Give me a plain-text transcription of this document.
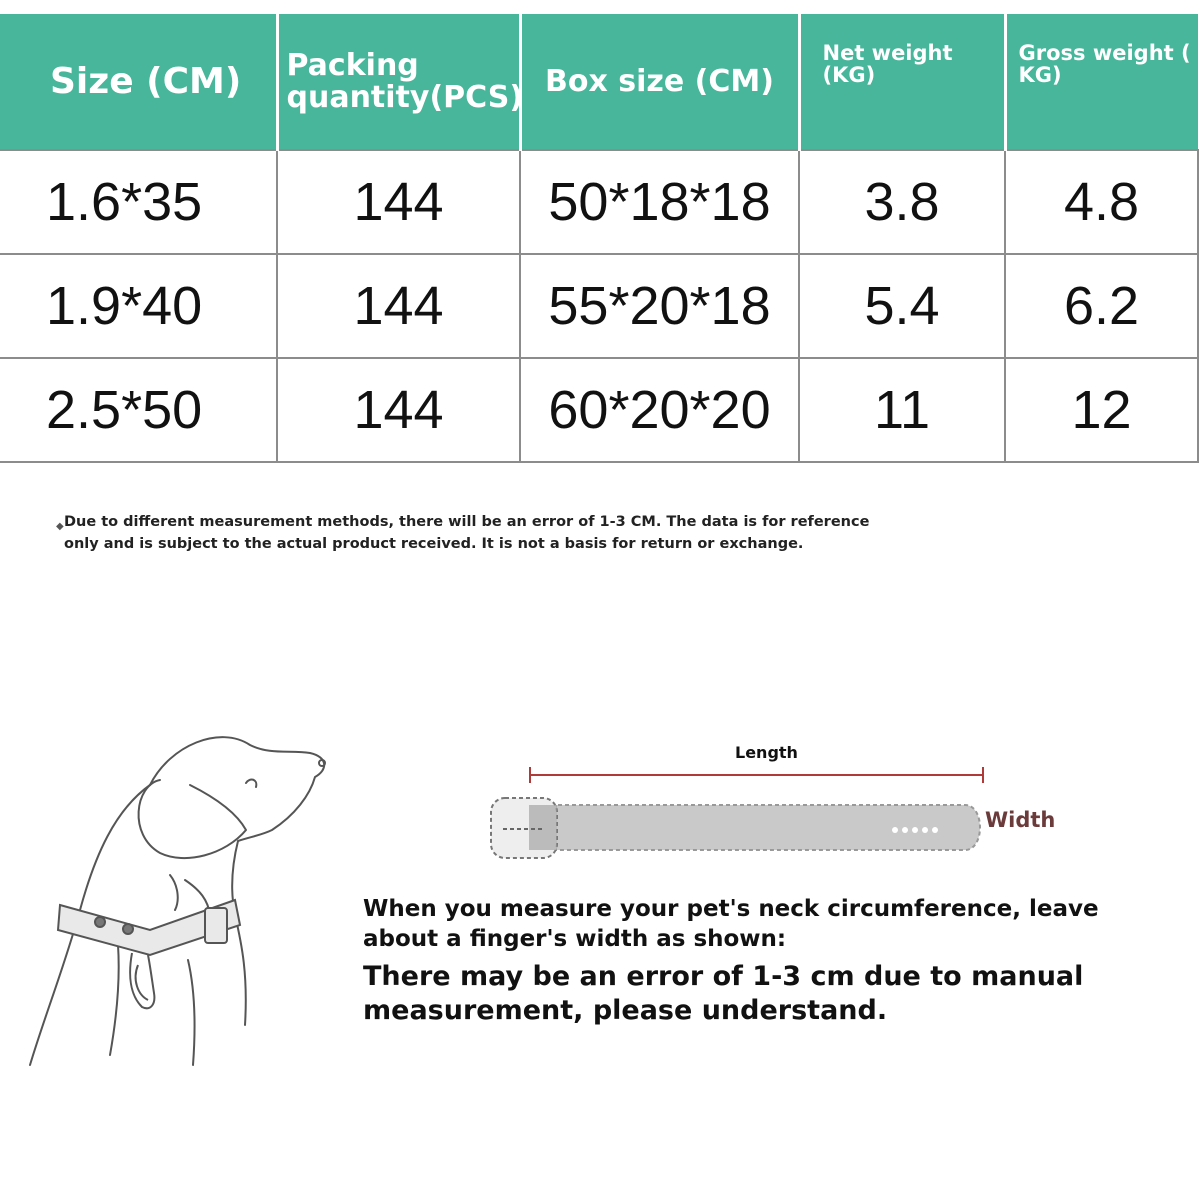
Size (CM)	Packing quantity(PCS)	Box size (CM)	Net weight (KG)	Gross weight ( KG)
1.6*35	144	50*18*18	3.8	4.8
1.9*40	144	55*20*18	5.4	6.2
2.5*50	144	60*20*20	11	12
◆ Due to different measurement methods, there will be an error of 1-3 CM. The data is for reference
only and is subject to the actual product received. It is not a basis for return or exchange.
Length
Width
When you measure your pet's neck circumference, leave about a finger's width as shown:
There may be an error of 1-3 cm due to manual measurement, please understand.
